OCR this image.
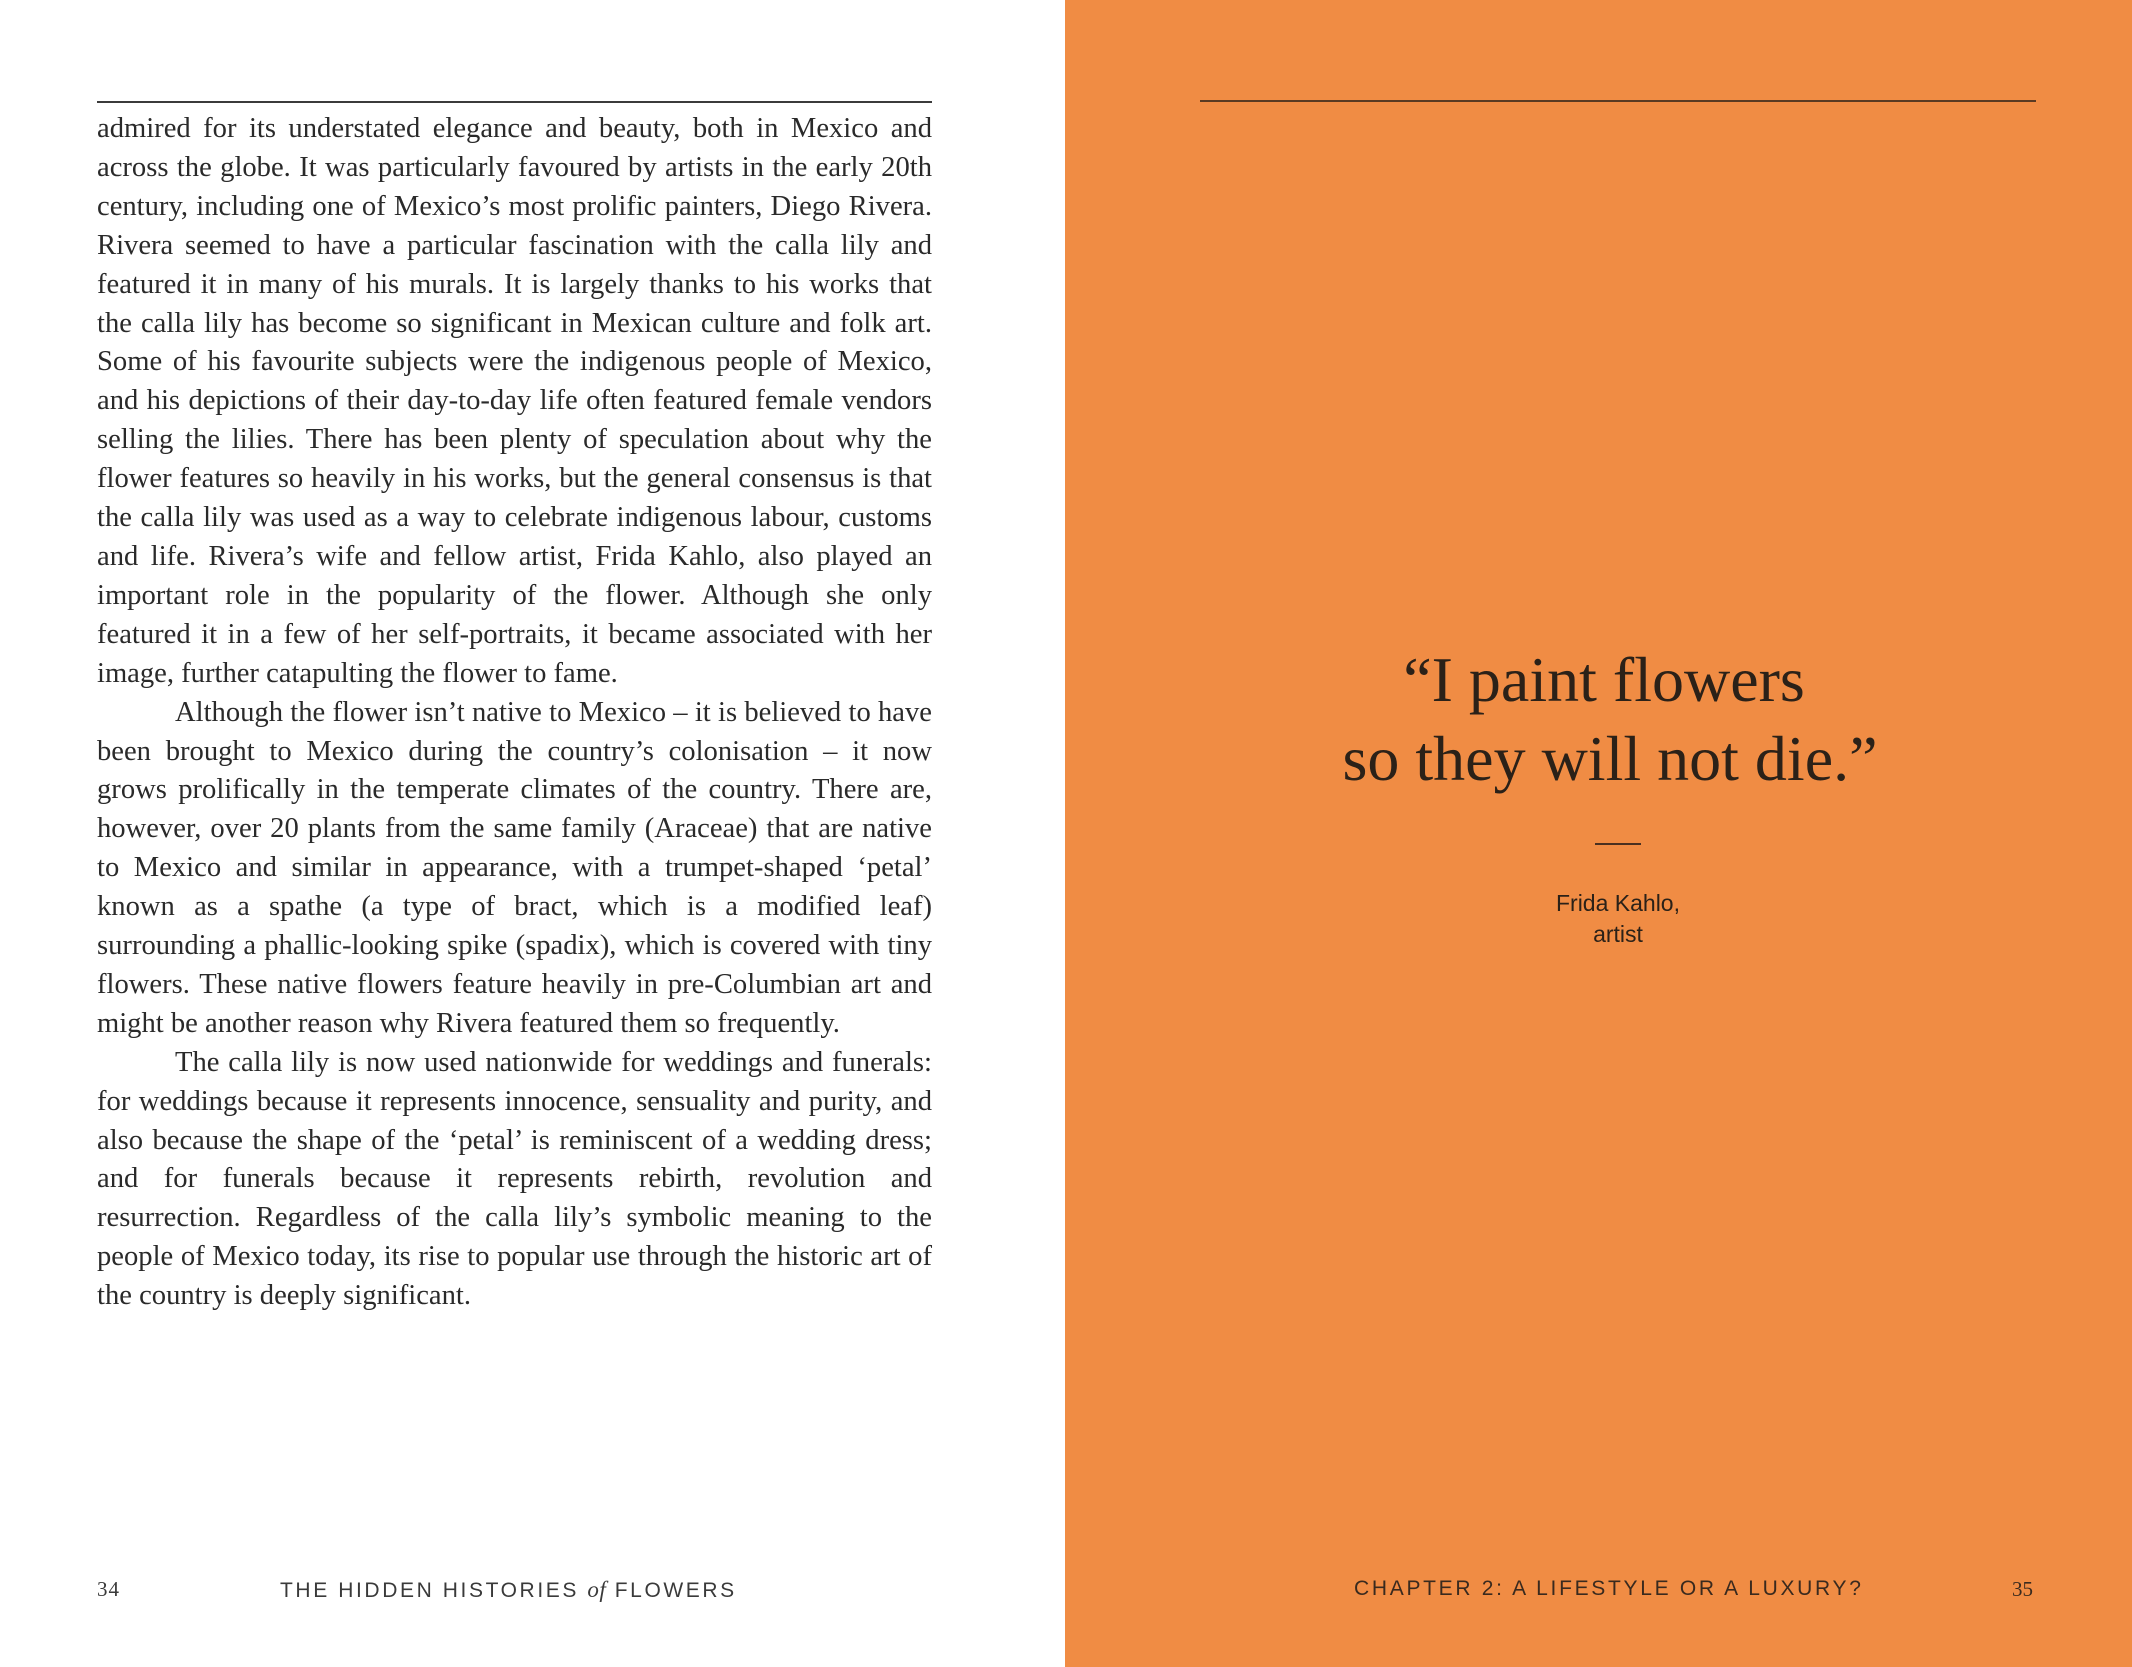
admired for its understated elegance and beauty, both in Mexico and across the globe. It was particularly favoured by artists in the early 20th century, including one of Mexico’s most prolific painters, Diego Rivera. Rivera seemed to have a particular fascination with the calla lily and featured it in many of his murals. It is largely thanks to his works that the calla lily has become so significant in Mexican culture and folk art. Some of his favourite subjects were the indigenous people of Mexico, and his depictions of their day-to-day life often featured female vendors selling the lilies. There has been plenty of speculation about why the flower features so heavily in his works, but the general consensus is that the calla lily was used as a way to celebrate indigenous labour, customs and life. Rivera’s wife and fellow artist, Frida Kahlo, also played an important role in the popularity of the flower. Although she only featured it in a few of her self-portraits, it became associated with her image, further catapulting the flower to fame.

Although the flower isn’t native to Mexico – it is believed to have been brought to Mexico during the country’s colonisation – it now grows prolifically in the temperate climates of the country. There are, however, over 20 plants from the same family (Araceae) that are native to Mexico and similar in appearance, with a trumpet-shaped ‘petal’ known as a spathe (a type of bract, which is a modified leaf) surrounding a phallic-looking spike (spadix), which is covered with tiny flowers. These native flowers feature heavily in pre-Columbian art and might be another reason why Rivera featured them so frequently.

The calla lily is now used nationwide for weddings and funerals: for weddings because it represents innocence, sensuality and purity, and also because the shape of the ‘petal’ is reminiscent of a wedding dress; and for funerals because it represents rebirth, revolution and resurrection. Regardless of the calla lily’s symbolic meaning to the people of Mexico today, its rise to popular use through the historic art of the country is deeply significant.

34	THE HIDDEN HISTORIES of FLOWERS
“I paint flowers
so they will not die.”
Frida Kahlo,
artist
CHAPTER 2: A LIFESTYLE OR A LUXURY?	35
